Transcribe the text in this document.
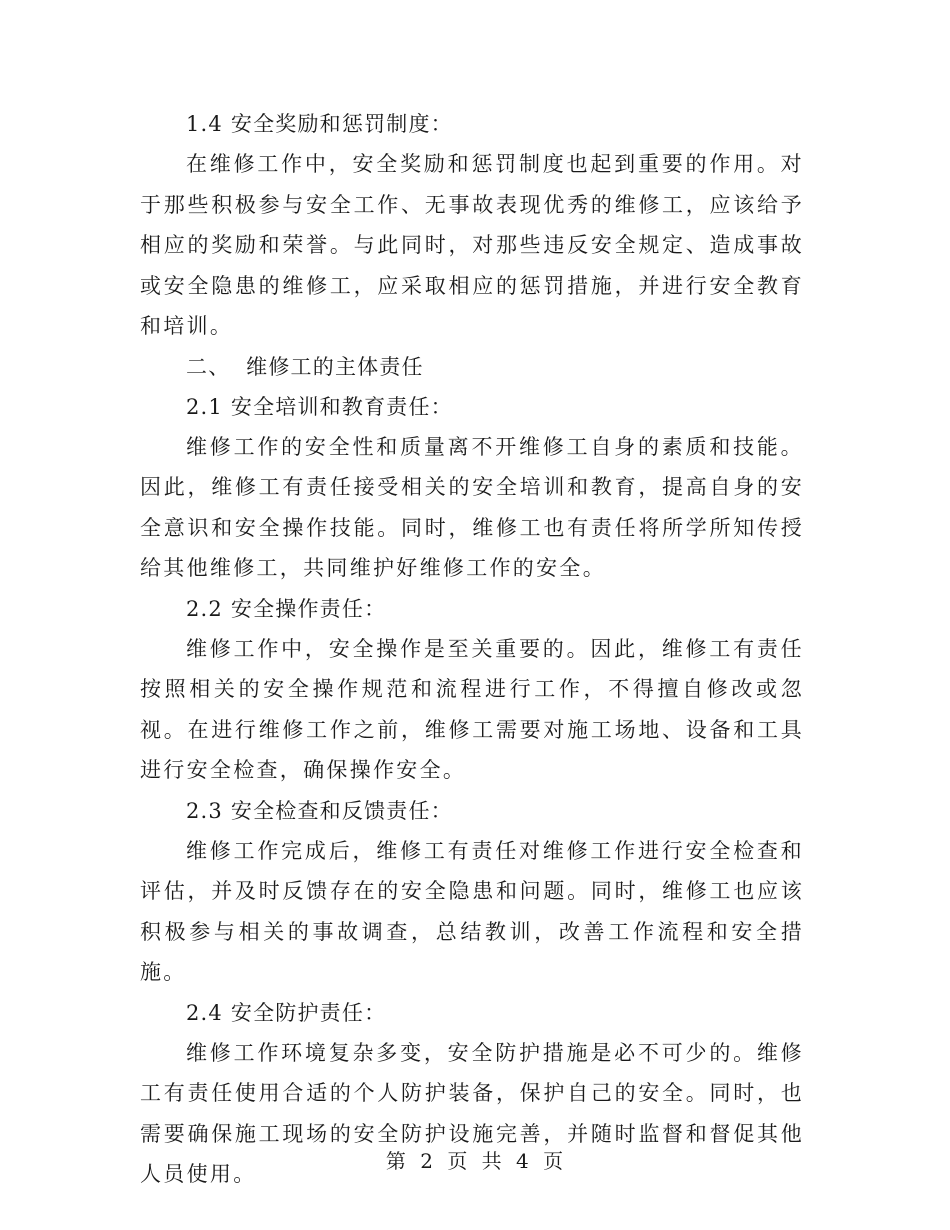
1.4 安全奖励和惩罚制度：

在维修工作中，安全奖励和惩罚制度也起到重要的作用。对于那些积极参与安全工作、无事故表现优秀的维修工，应该给予相应的奖励和荣誉。与此同时，对那些违反安全规定、造成事故或安全隐患的维修工，应采取相应的惩罚措施，并进行安全教育和培训。

二、  维修工的主体责任
2.1 安全培训和教育责任：

维修工作的安全性和质量离不开维修工自身的素质和技能。因此，维修工有责任接受相关的安全培训和教育，提高自身的安全意识和安全操作技能。同时，维修工也有责任将所学所知传授给其他维修工，共同维护好维修工作的安全。

2.2 安全操作责任：

维修工作中，安全操作是至关重要的。因此，维修工有责任按照相关的安全操作规范和流程进行工作，不得擅自修改或忽视。在进行维修工作之前，维修工需要对施工场地、设备和工具进行安全检查，确保操作安全。

2.3 安全检查和反馈责任：

维修工作完成后，维修工有责任对维修工作进行安全检查和评估，并及时反馈存在的安全隐患和问题。同时，维修工也应该积极参与相关的事故调查，总结教训，改善工作流程和安全措施。

2.4 安全防护责任：

维修工作环境复杂多变，安全防护措施是必不可少的。维修工有责任使用合适的个人防护装备，保护自己的安全。同时，也需要确保施工现场的安全防护设施完善，并随时监督和督促其他人员使用。

第 2 页 共 4 页
